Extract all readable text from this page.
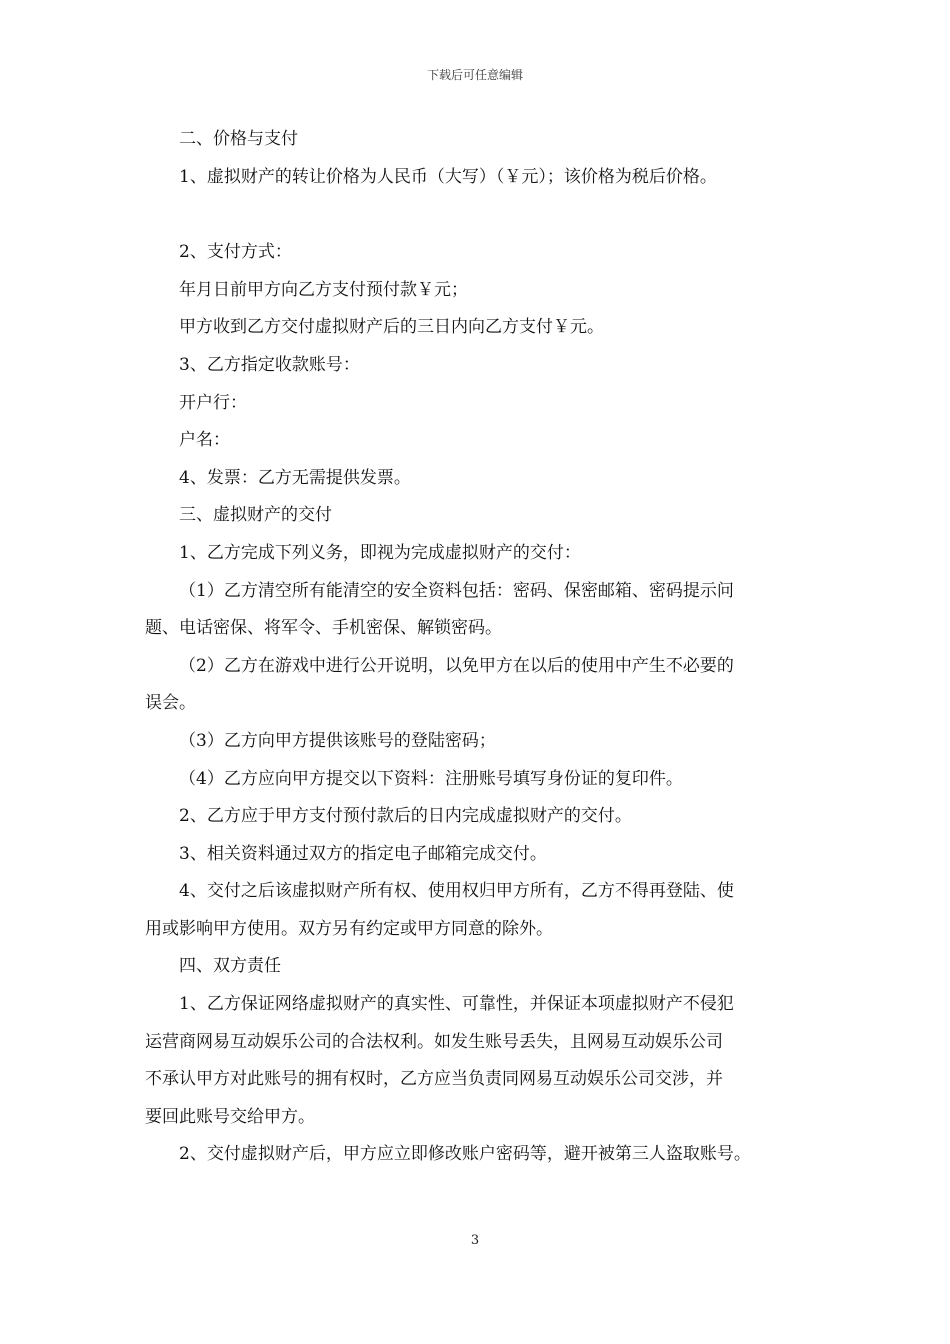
下载后可任意编辑

二、价格与支付

1、虚拟财产的转让价格为人民币（大写）（￥元）；该价格为税后价格。

2、支付方式：

年月日前甲方向乙方支付预付款￥元；

甲方收到乙方交付虚拟财产后的三日内向乙方支付￥元。

3、乙方指定收款账号：

开户行：

户名：

4、发票：乙方无需提供发票。

三、虚拟财产的交付

1、乙方完成下列义务，即视为完成虚拟财产的交付：

（1）乙方清空所有能清空的安全资料包括：密码、保密邮箱、密码提示问

题、电话密保、将军令、手机密保、解锁密码。

（2）乙方在游戏中进行公开说明，以免甲方在以后的使用中产生不必要的

误会。

（3）乙方向甲方提供该账号的登陆密码；

（4）乙方应向甲方提交以下资料：注册账号填写身份证的复印件。

2、乙方应于甲方支付预付款后的日内完成虚拟财产的交付。

3、相关资料通过双方的指定电子邮箱完成交付。

4、交付之后该虚拟财产所有权、使用权归甲方所有，乙方不得再登陆、使

用或影响甲方使用。双方另有约定或甲方同意的除外。

四、双方责任

1、乙方保证网络虚拟财产的真实性、可靠性，并保证本项虚拟财产不侵犯

运营商网易互动娱乐公司的合法权利。如发生账号丢失，且网易互动娱乐公司

不承认甲方对此账号的拥有权时，乙方应当负责同网易互动娱乐公司交涉，并

要回此账号交给甲方。

2、交付虚拟财产后，甲方应立即修改账户密码等，避开被第三人盗取账号。

3
